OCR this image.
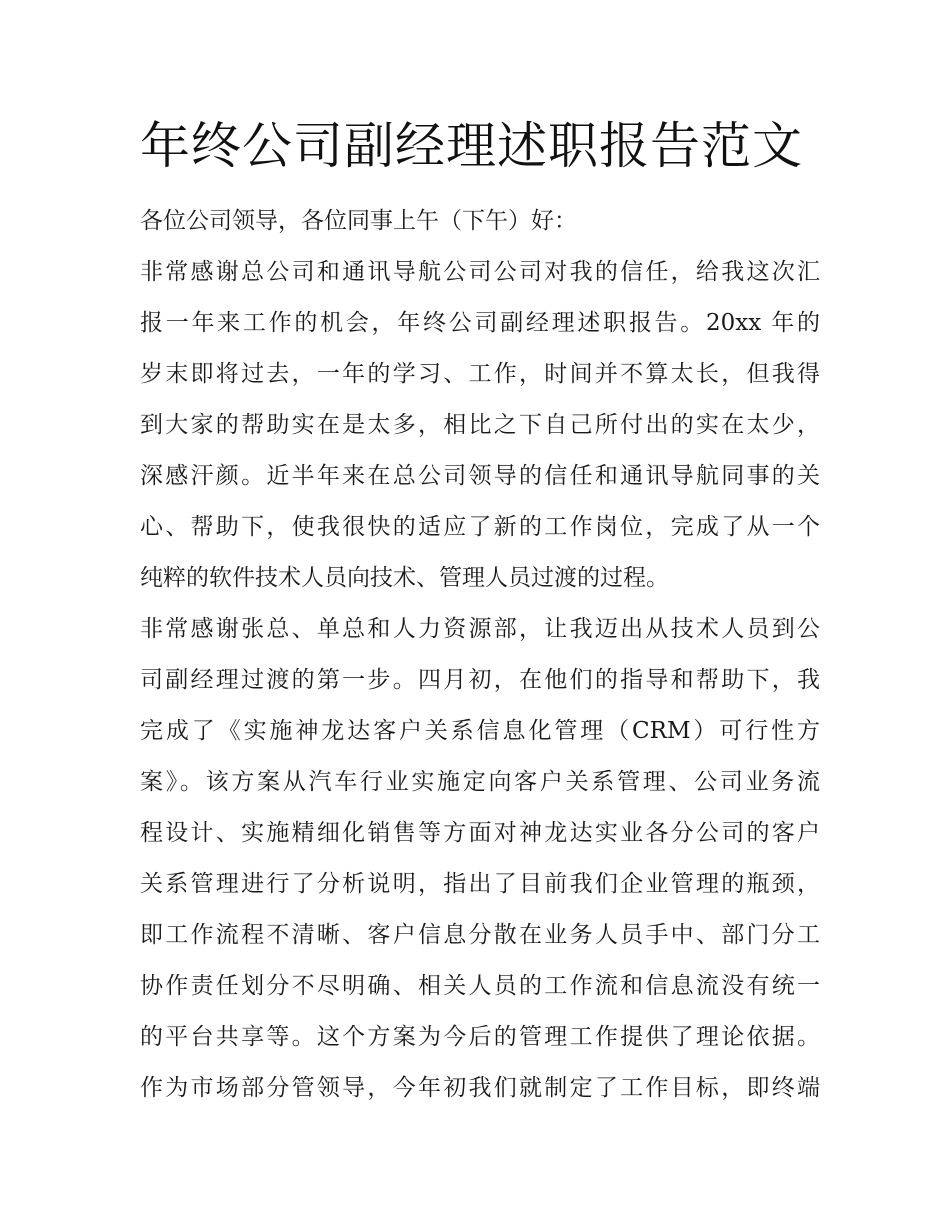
年终公司副经理述职报告范文

各位公司领导，各位同事上午（下午）好：

非常感谢总公司和通讯导航公司公司对我的信任，给我这次汇

报一年来工作的机会，年终公司副经理述职报告。20xx 年的

岁末即将过去，一年的学习、工作，时间并不算太长，但我得

到大家的帮助实在是太多，相比之下自己所付出的实在太少，

深感汗颜。近半年来在总公司领导的信任和通讯导航同事的关

心、帮助下，使我很快的适应了新的工作岗位，完成了从一个

纯粹的软件技术人员向技术、管理人员过渡的过程。

非常感谢张总、单总和人力资源部，让我迈出从技术人员到公

司副经理过渡的第一步。四月初，在他们的指导和帮助下，我

完成了《实施神龙达客户关系信息化管理（CRM）可行性方

案》。该方案从汽车行业实施定向客户关系管理、公司业务流

程设计、实施精细化销售等方面对神龙达实业各分公司的客户

关系管理进行了分析说明，指出了目前我们企业管理的瓶颈，

即工作流程不清晰、客户信息分散在业务人员手中、部门分工

协作责任划分不尽明确、相关人员的工作流和信息流没有统一

的平台共享等。这个方案为今后的管理工作提供了理论依据。

作为市场部分管领导，今年初我们就制定了工作目标，即终端
